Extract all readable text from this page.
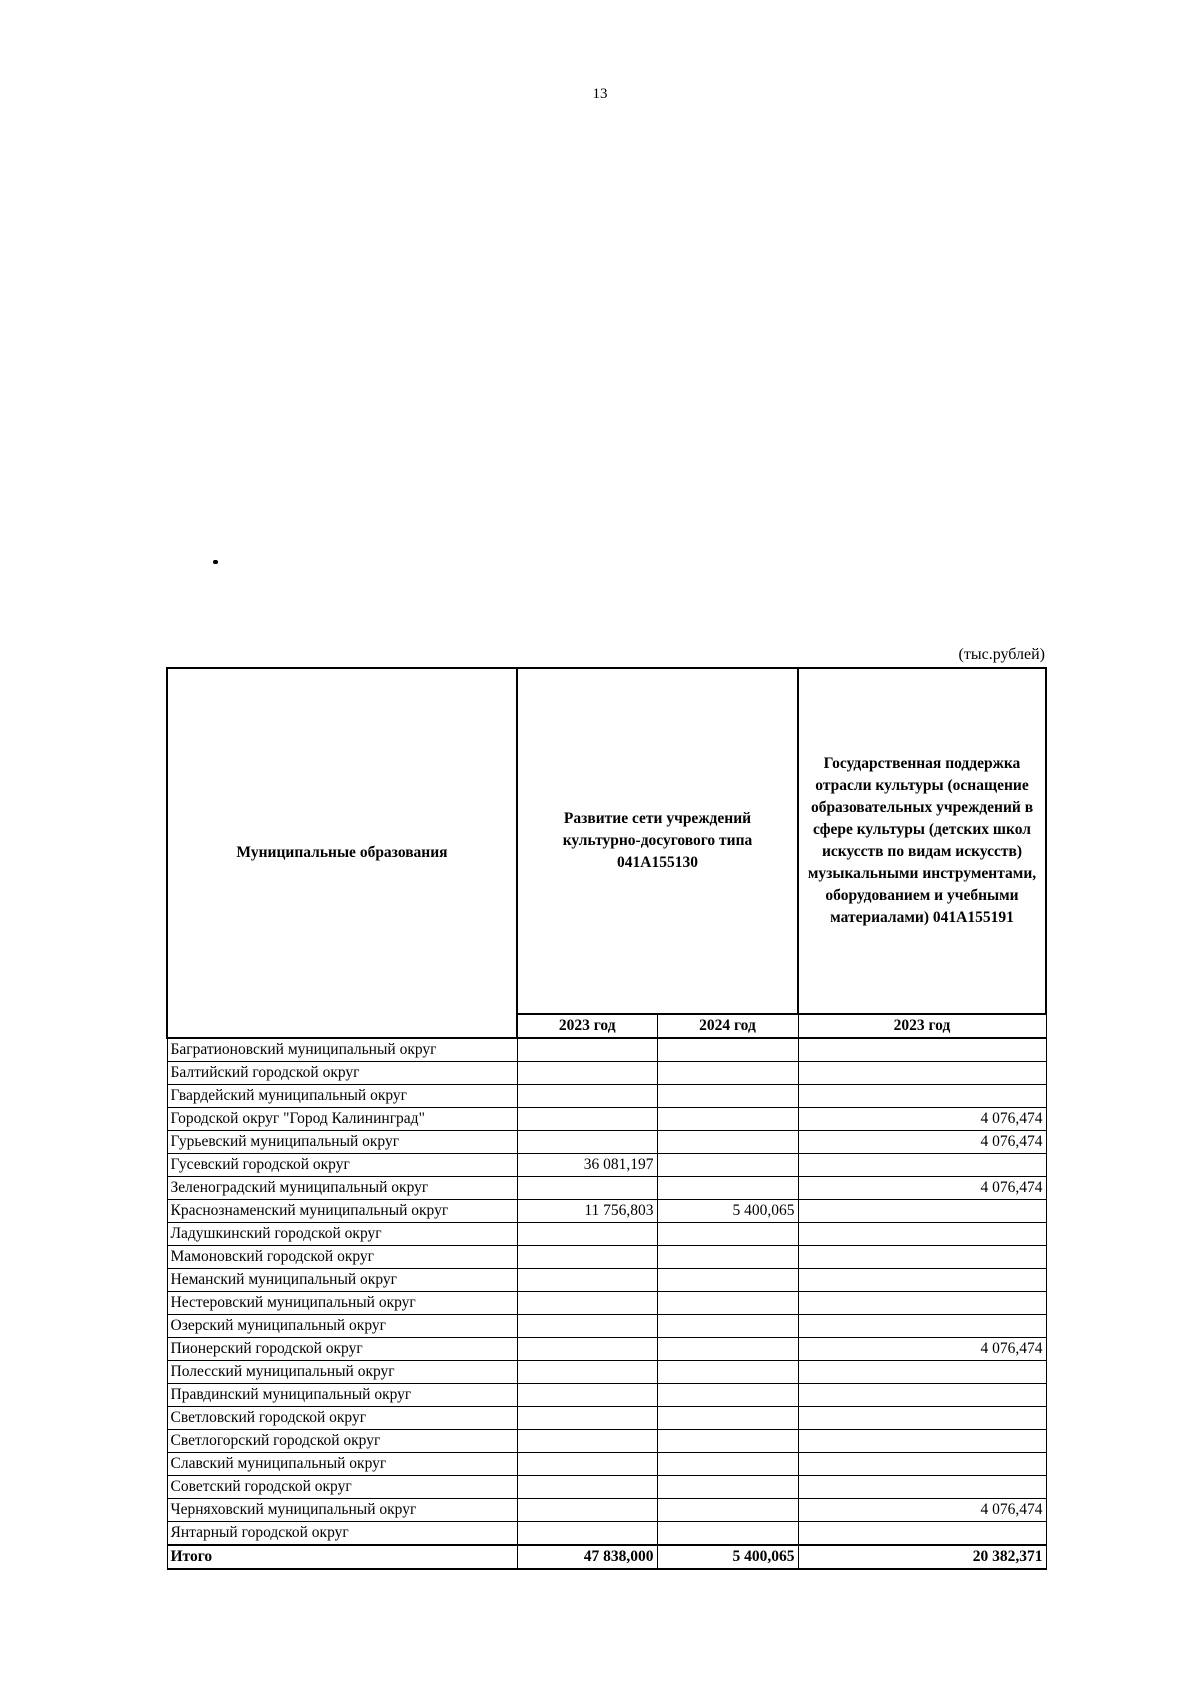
13
(тыс.рублей)
Муниципальные образования	Развитие сети учреждений культурно-досугового типа 041А155130		Государственная поддержка отрасли культуры (оснащение образовательных учреждений в сфере культуры (детских школ искусств по видам искусств) музыкальными инструментами, оборудованием и учебными материалами) 041А155191

	2023 год	2024 год	2023 год
Багратионовский муниципальный округ			
Балтийский городской округ			
Гвардейский муниципальный округ			
Городской округ "Город Калининград"			4 076,474
Гурьевский муниципальный округ			4 076,474
Гусевский городской округ	36 081,197		
Зеленоградский муниципальный округ			4 076,474
Краснознаменский муниципальный округ	11 756,803	5 400,065	
Ладушкинский городской округ			
Мамоновский городской округ			
Неманский муниципальный округ			
Нестеровский муниципальный округ			
Озерский муниципальный округ			
Пионерский городской округ			4 076,474
Полесский муниципальный округ			
Правдинский муниципальный округ			
Светловский городской округ			
Светлогорский городской округ			
Славский муниципальный округ			
Советский городской округ			
Черняховский муниципальный округ			4 076,474
Янтарный городской округ			
Итого	47 838,000	5 400,065	20 382,371
